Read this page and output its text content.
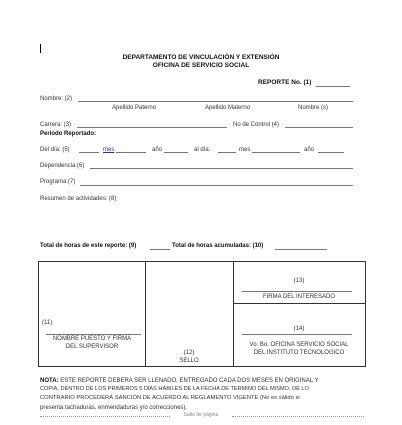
DEPARTAMENTO DE VINCULACIÓN Y EXTENSIÓN
OFICINA DE SERVICIO SOCIAL
REPORTE No. (1)
Nombre: (2)
Apellido Paterno	Apellido Materno	Nombre (s)
Carrera: (3)	No de Control (4)
Periodo Reportado:
Del día: (5)	mes	año	al día:	mes	año
Dependencia:(6)
Programa:(7)
Resumen de actividades: (8)
Total de horas de este reporte: (9)	Total de horas acumuladas: (10)
(11)
NOMBRE PUESTO Y FIRMA
DEL SUPERVISOR
(12)
SELLO
(13)
FIRMA DEL INTERESADO
(14)
Vo. Bo. OFICINA SERVICIO SOCIAL
DEL INSTITUTO TECNOLOGICO
NOTA: ESTE REPORTE DEBERA SER LLENADO, ENTREGADO CADA DOS MESES EN ORIGINAL Y
COPIA, DENTRO DE LOS PRIMEROS 5 DÍAS HÁBILES DE LA FECHA DE TERMINO DEL MISMO, DE LO
CONTRARIO PROCEDERÁ SANCIÓN DE ACUERDO AL REGLAMENTO VIGENTE (No es válido si
presenta tachaduras, enmendaduras y/o correcciones).
Salto de página
